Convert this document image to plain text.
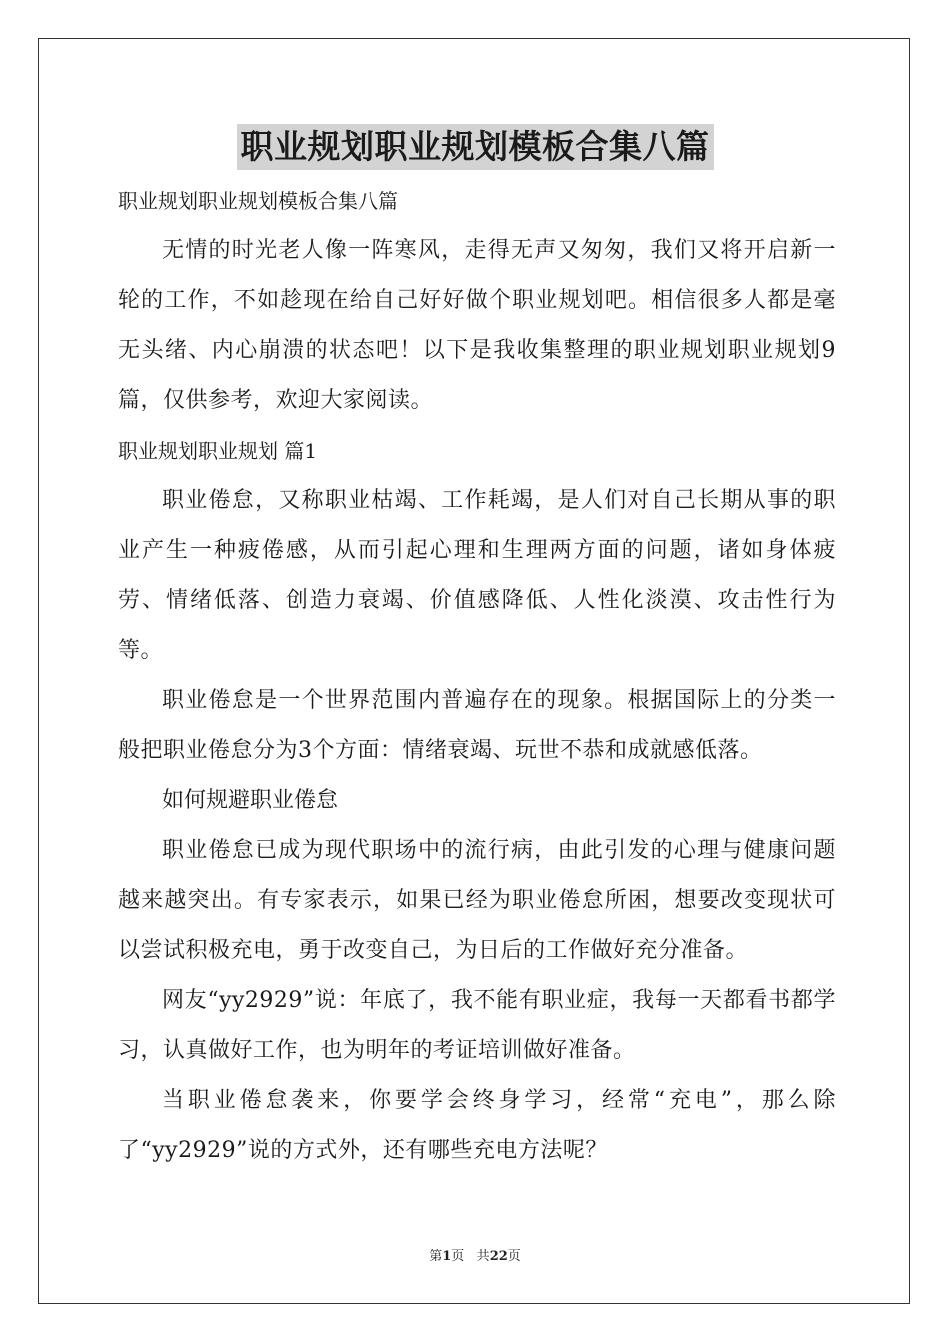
职业规划职业规划模板合集八篇

职业规划职业规划模板合集八篇

无情的时光老人像一阵寒风，走得无声又匆匆，我们又将开启新一轮的工作，不如趁现在给自己好好做个职业规划吧。相信很多人都是毫无头绪、内心崩溃的状态吧！以下是我收集整理的职业规划职业规划9篇，仅供参考，欢迎大家阅读。

职业规划职业规划 篇1

职业倦怠，又称职业枯竭、工作耗竭，是人们对自己长期从事的职业产生一种疲倦感，从而引起心理和生理两方面的问题，诸如身体疲劳、情绪低落、创造力衰竭、价值感降低、人性化淡漠、攻击性行为等。

职业倦怠是一个世界范围内普遍存在的现象。根据国际上的分类一般把职业倦怠分为3个方面：情绪衰竭、玩世不恭和成就感低落。

如何规避职业倦怠

职业倦怠已成为现代职场中的流行病，由此引发的心理与健康问题越来越突出。有专家表示，如果已经为职业倦怠所困，想要改变现状可以尝试积极充电，勇于改变自己，为日后的工作做好充分准备。

网友“yy2929”说：年底了，我不能有职业症，我每一天都看书都学习，认真做好工作，也为明年的考证培训做好准备。

当职业倦怠袭来，你要学会终身学习，经常“充电”，那么除了“yy2929”说的方式外，还有哪些充电方法呢？

第1页 共22页
